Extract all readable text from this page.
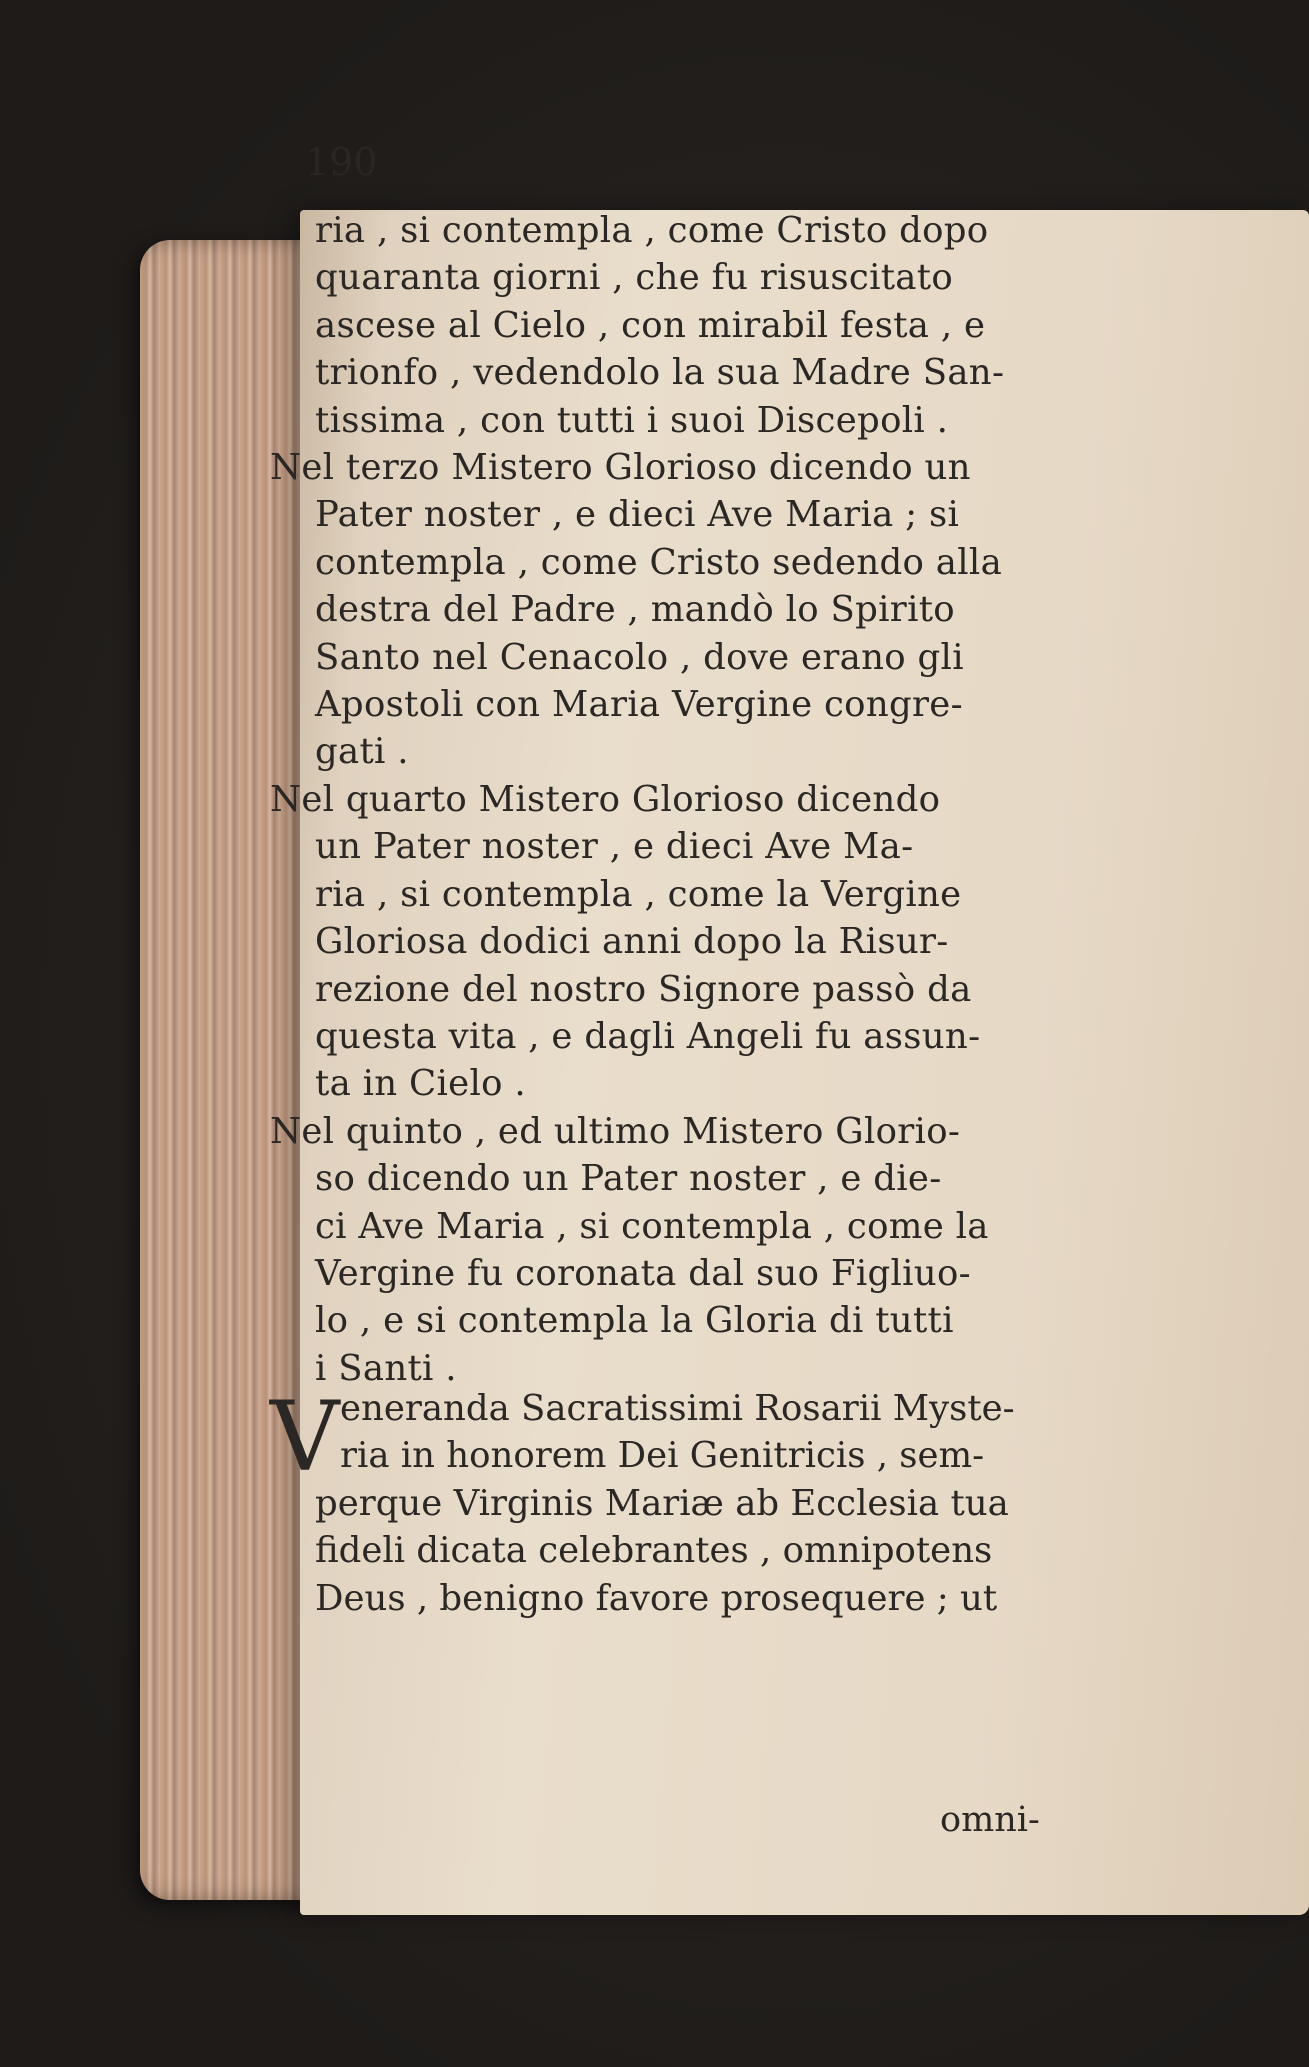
190

ria , si contempla , come Cristo dopo
quaranta giorni , che fu risuscitato
ascese al Cielo , con mirabil festa , e
trionfo , vedendolo la sua Madre San-
tissima , con tutti i suoi Discepoli .

Nel terzo Mistero Glorioso dicendo un
Pater noster , e dieci Ave Maria ; si
contempla , come Cristo sedendo alla
destra del Padre , mandò lo Spirito
Santo nel Cenacolo , dove erano gli
Apostoli con Maria Vergine congre-
gati .

Nel quarto Mistero Glorioso dicendo
un Pater noster , e dieci Ave Ma-
ria , si contempla , come la Vergine
Gloriosa dodici anni dopo la Risur-
rezione del nostro Signore passò da
questa vita , e dagli Angeli fu assun-
ta in Cielo .

Nel quinto , ed ultimo Mistero Glorio-
so dicendo un Pater noster , e die-
ci Ave Maria , si contempla , come la
Vergine fu coronata dal suo Figliuo-
lo , e si contempla la Gloria di tutti
i Santi .

V eneranda Sacratissimi Rosarii Myste-
ria in honorem Dei Genitricis , sem-
perque Virginis Mariæ ab Ecclesia tua
fideli dicata celebrantes , omnipotens
Deus , benigno favore prosequere ; ut
omni-
